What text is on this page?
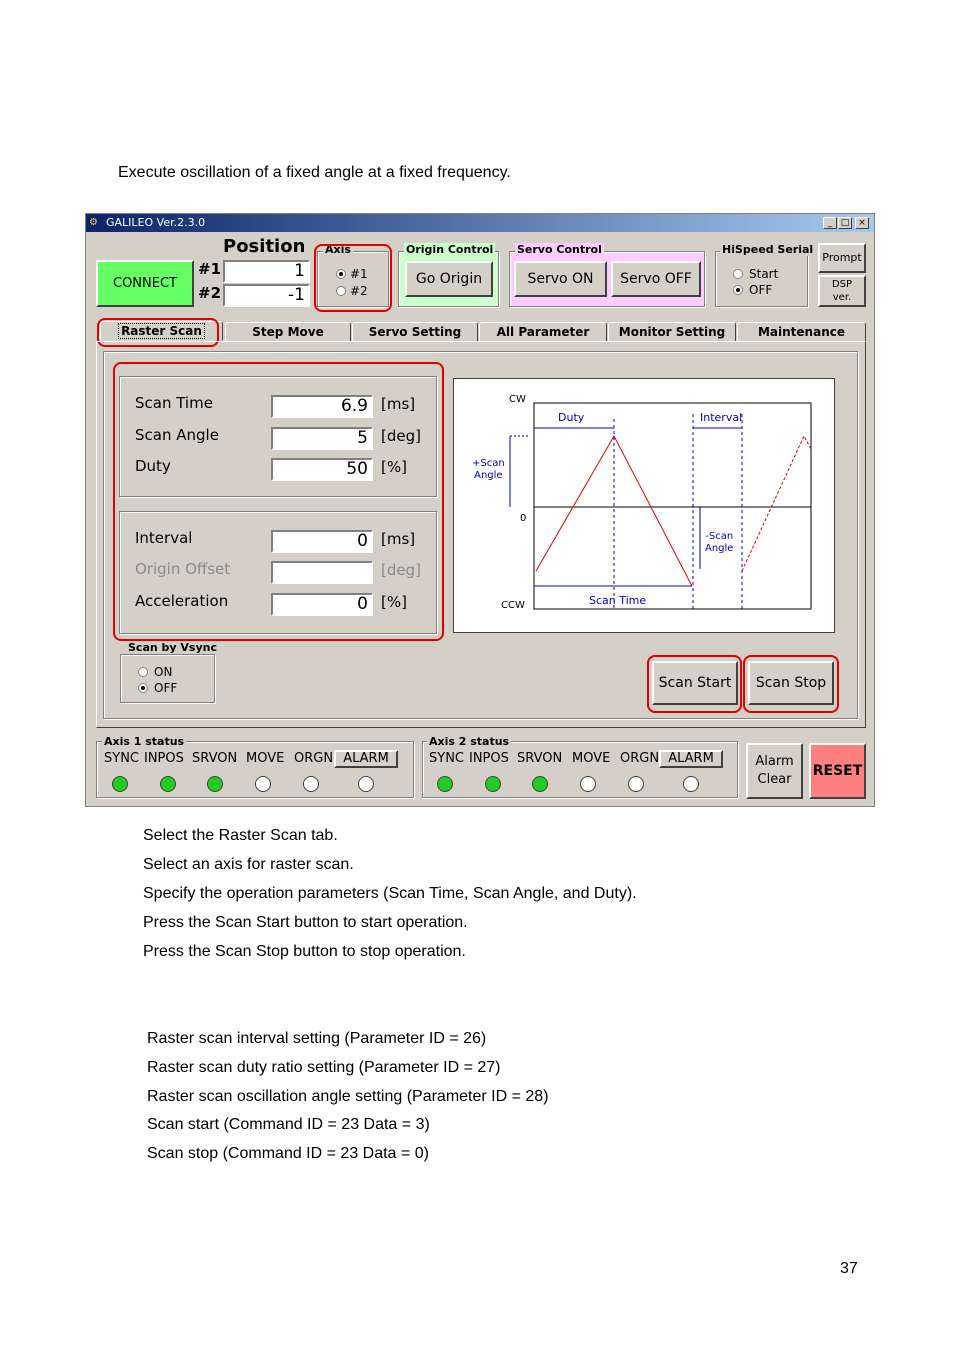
Execute oscillation of a fixed angle at a fixed frequency.
⚙ GALILEO Ver.2.3.0	_ □ ×
CONNECT
Position
#1	1
#2	-1
Axis
#1
#2
Origin Control
Go Origin
Servo Control
Servo ON	Servo OFF
HiSpeed Serial
Start
OFF
Prompt
DSP
ver.
Raster Scan	Step Move	Servo Setting	All Parameter	Monitor Setting	Maintenance
Scan Time	6.9 [ms]
Scan Angle	5 [deg]
Duty	50 [%]
Interval	0 [ms]
Origin Offset	[deg]
Acceleration	0 [%]
CW
CCW
0
Duty	Interval
+Scan
Angle
-Scan
Angle
Scan Time
Scan by Vsync
ON
OFF	Scan Start	Scan Stop
Axis 1 status
SYNC INPOS SRVON MOVE ORGN ALARM
Axis 2 status
SYNC INPOS SRVON MOVE ORGN ALARM	Alarm
Clear
RESET
Select the Raster Scan tab.
Select an axis for raster scan.
Specify the operation parameters (Scan Time, Scan Angle, and Duty).
Press the Scan Start button to start operation.
Press the Scan Stop button to stop operation.
Raster scan interval setting (Parameter ID = 26)
Raster scan duty ratio setting (Parameter ID = 27)
Raster scan oscillation angle setting (Parameter ID = 28)
Scan start (Command ID = 23 Data = 3)
Scan stop (Command ID = 23 Data = 0)
37
